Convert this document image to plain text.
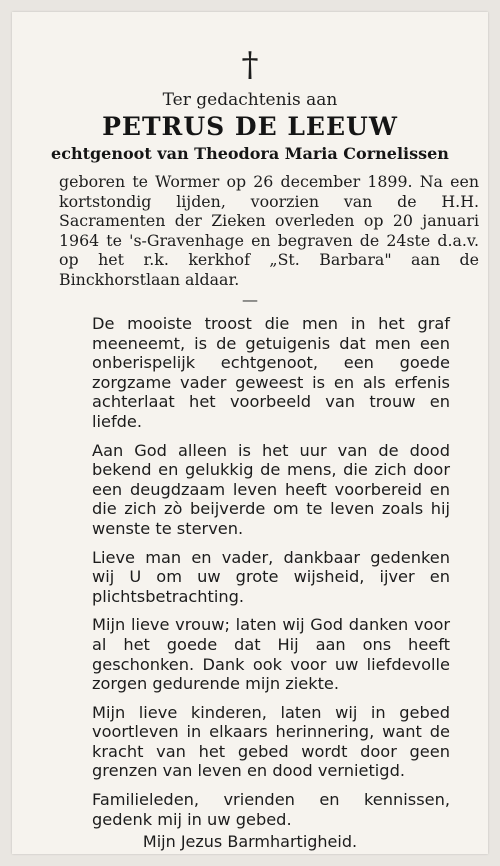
†
Ter gedachtenis aan
PETRUS DE LEEUW
echtgenoot van Theodora Maria Cornelissen
geboren te Wormer op 26 december 1899. Na een kortstondig lijden, voorzien van de H.H. Sacramenten der Zieken overleden op 20 januari 1964 te 's-Gravenhage en begraven de 24ste d.a.v. op het r.k. kerkhof „St. Barbara" aan de Binckhorstlaan aldaar.
—

De mooiste troost die men in het graf meeneemt, is de getuigenis dat men een onberispelijk echtgenoot, een goede zorgzame vader geweest is en als erfenis achterlaat het voorbeeld van trouw en liefde.

Aan God alleen is het uur van de dood bekend en gelukkig de mens, die zich door een deugdzaam leven heeft voorbereid en die zich zò beijverde om te leven zoals hij wenste te sterven.

Lieve man en vader, dankbaar gedenken wij U om uw grote wijsheid, ijver en plichtsbetrachting.

Mijn lieve vrouw; laten wij God danken voor al het goede dat Hij aan ons heeft geschonken. Dank ook voor uw liefdevolle zorgen gedurende mijn ziekte.

Mijn lieve kinderen, laten wij in gebed voortleven in elkaars herinnering, want de kracht van het gebed wordt door geen grenzen van leven en dood vernietigd.

Familieleden, vrienden en kennissen, gedenk mij in uw gebed.

Mijn Jezus Barmhartigheid.
